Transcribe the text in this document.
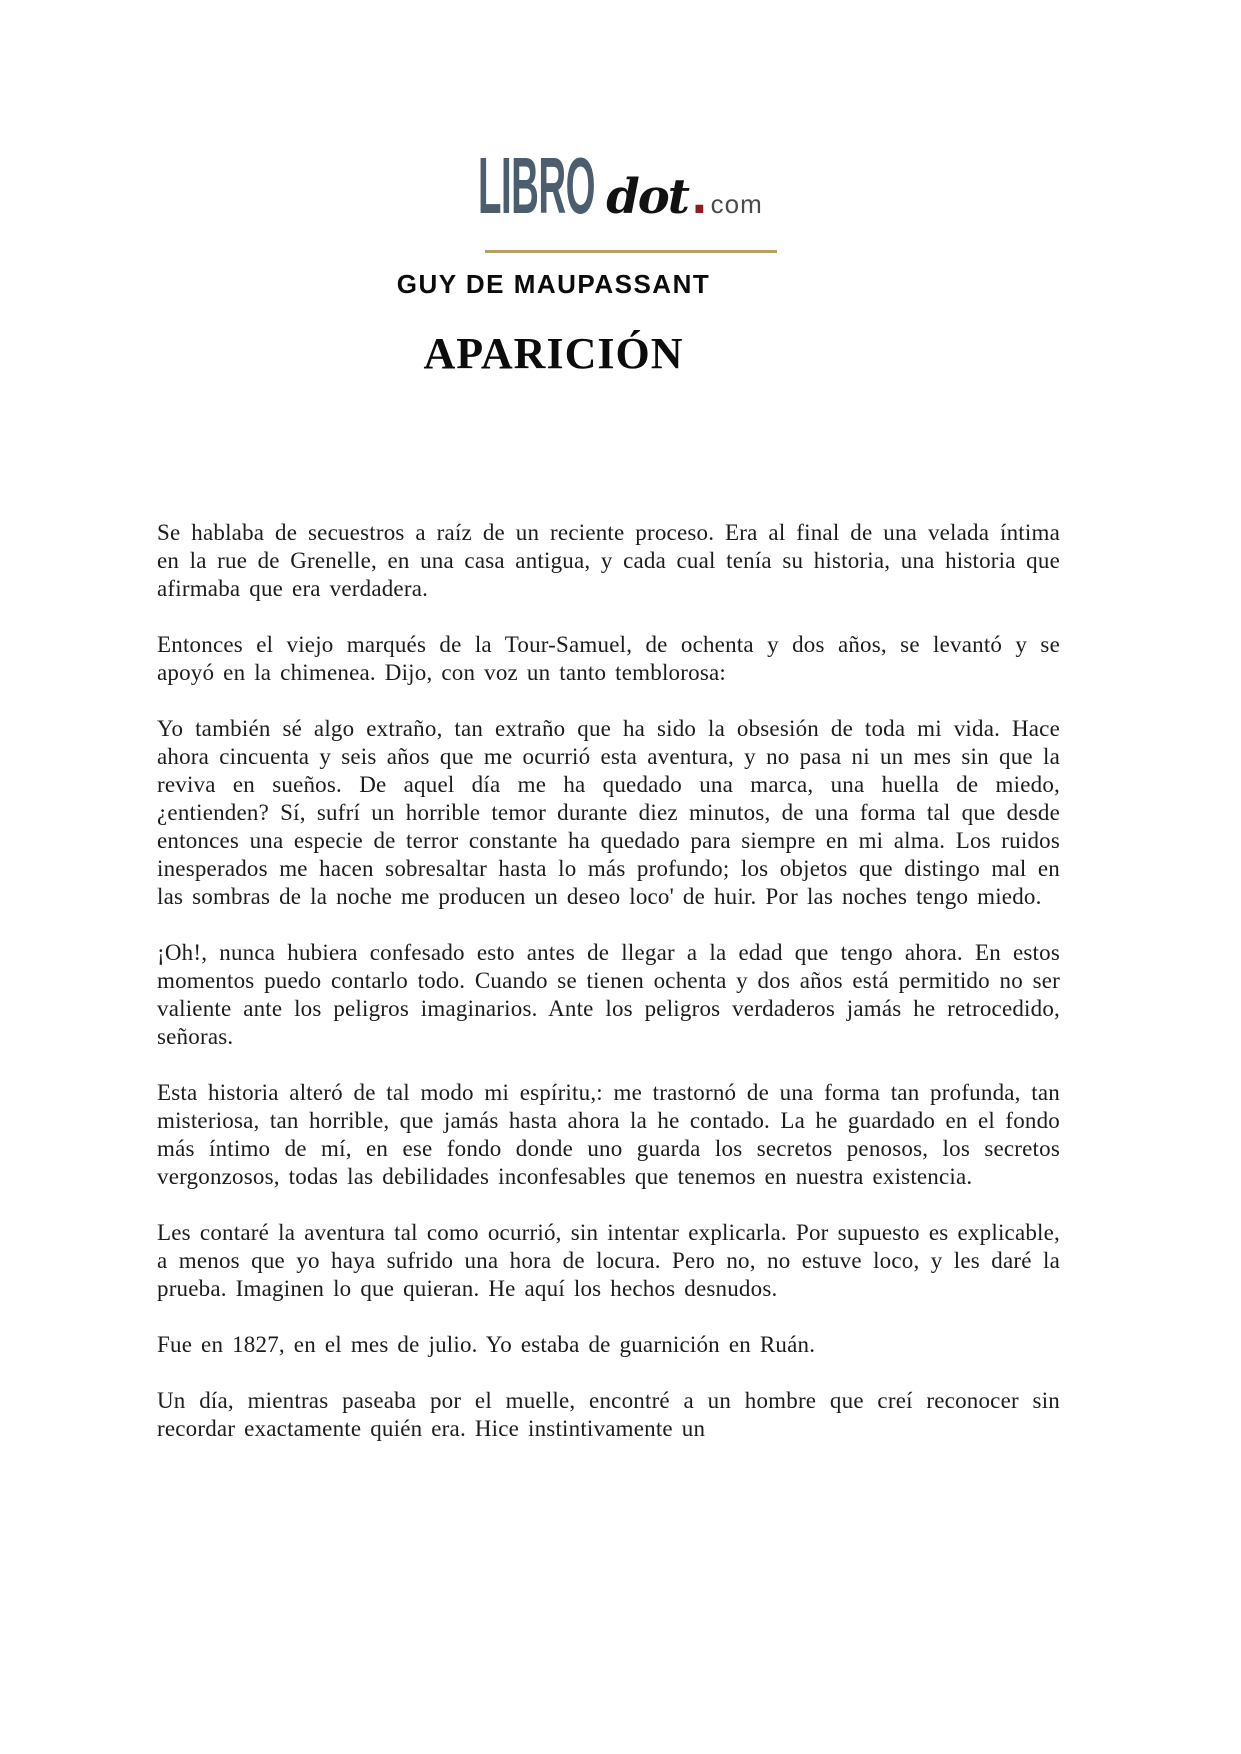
LIBRO dot . com
GUY DE MAUPASSANT
APARICIÓN

Se hablaba de secuestros a raíz de un reciente proceso. Era al final de una velada íntima en la rue de Grenelle, en una casa antigua, y cada cual tenía su historia, una historia que afirmaba que era verdadera.

Entonces el viejo marqués de la Tour-Samuel, de ochenta y dos años, se levantó y se apoyó en la chimenea. Dijo, con voz un tanto temblorosa:

Yo también sé algo extraño, tan extraño que ha sido la obsesión de toda mi vida. Hace ahora cincuenta y seis años que me ocurrió esta aventura, y no pasa ni un mes sin que la reviva en sueños. De aquel día me ha quedado una marca, una huella de miedo, ¿entienden? Sí, sufrí un horrible temor durante diez minutos, de una forma tal que desde entonces una especie de terror constante ha quedado para siempre en mi alma. Los ruidos inesperados me hacen sobresaltar hasta lo más profundo; los objetos que distingo mal en las sombras de la noche me producen un deseo loco' de huir. Por las noches tengo miedo.

¡Oh!, nunca hubiera confesado esto antes de llegar a la edad que tengo ahora. En estos momentos puedo contarlo todo. Cuando se tienen ochenta y dos años está permitido no ser valiente ante los peligros imaginarios. Ante los peligros verdaderos jamás he retrocedido, señoras.

Esta historia alteró de tal modo mi espíritu,: me trastornó de una forma tan profunda, tan misteriosa, tan horrible, que jamás hasta ahora la he contado. La he guardado en el fondo más íntimo de mí, en ese fondo donde uno guarda los secretos penosos, los secretos vergonzosos, todas las debilidades inconfesables que tenemos en nuestra existencia.

Les contaré la aventura tal como ocurrió, sin intentar explicarla. Por supuesto es explicable, a menos que yo haya sufrido una hora de locura. Pero no, no estuve loco, y les daré la prueba. Imaginen lo que quieran. He aquí los hechos desnudos.

Fue en 1827, en el mes de julio. Yo estaba de guarnición en Ruán.

Un día, mientras paseaba por el muelle, encontré a un hombre que creí reconocer sin recordar exactamente quién era. Hice instintivamente un
